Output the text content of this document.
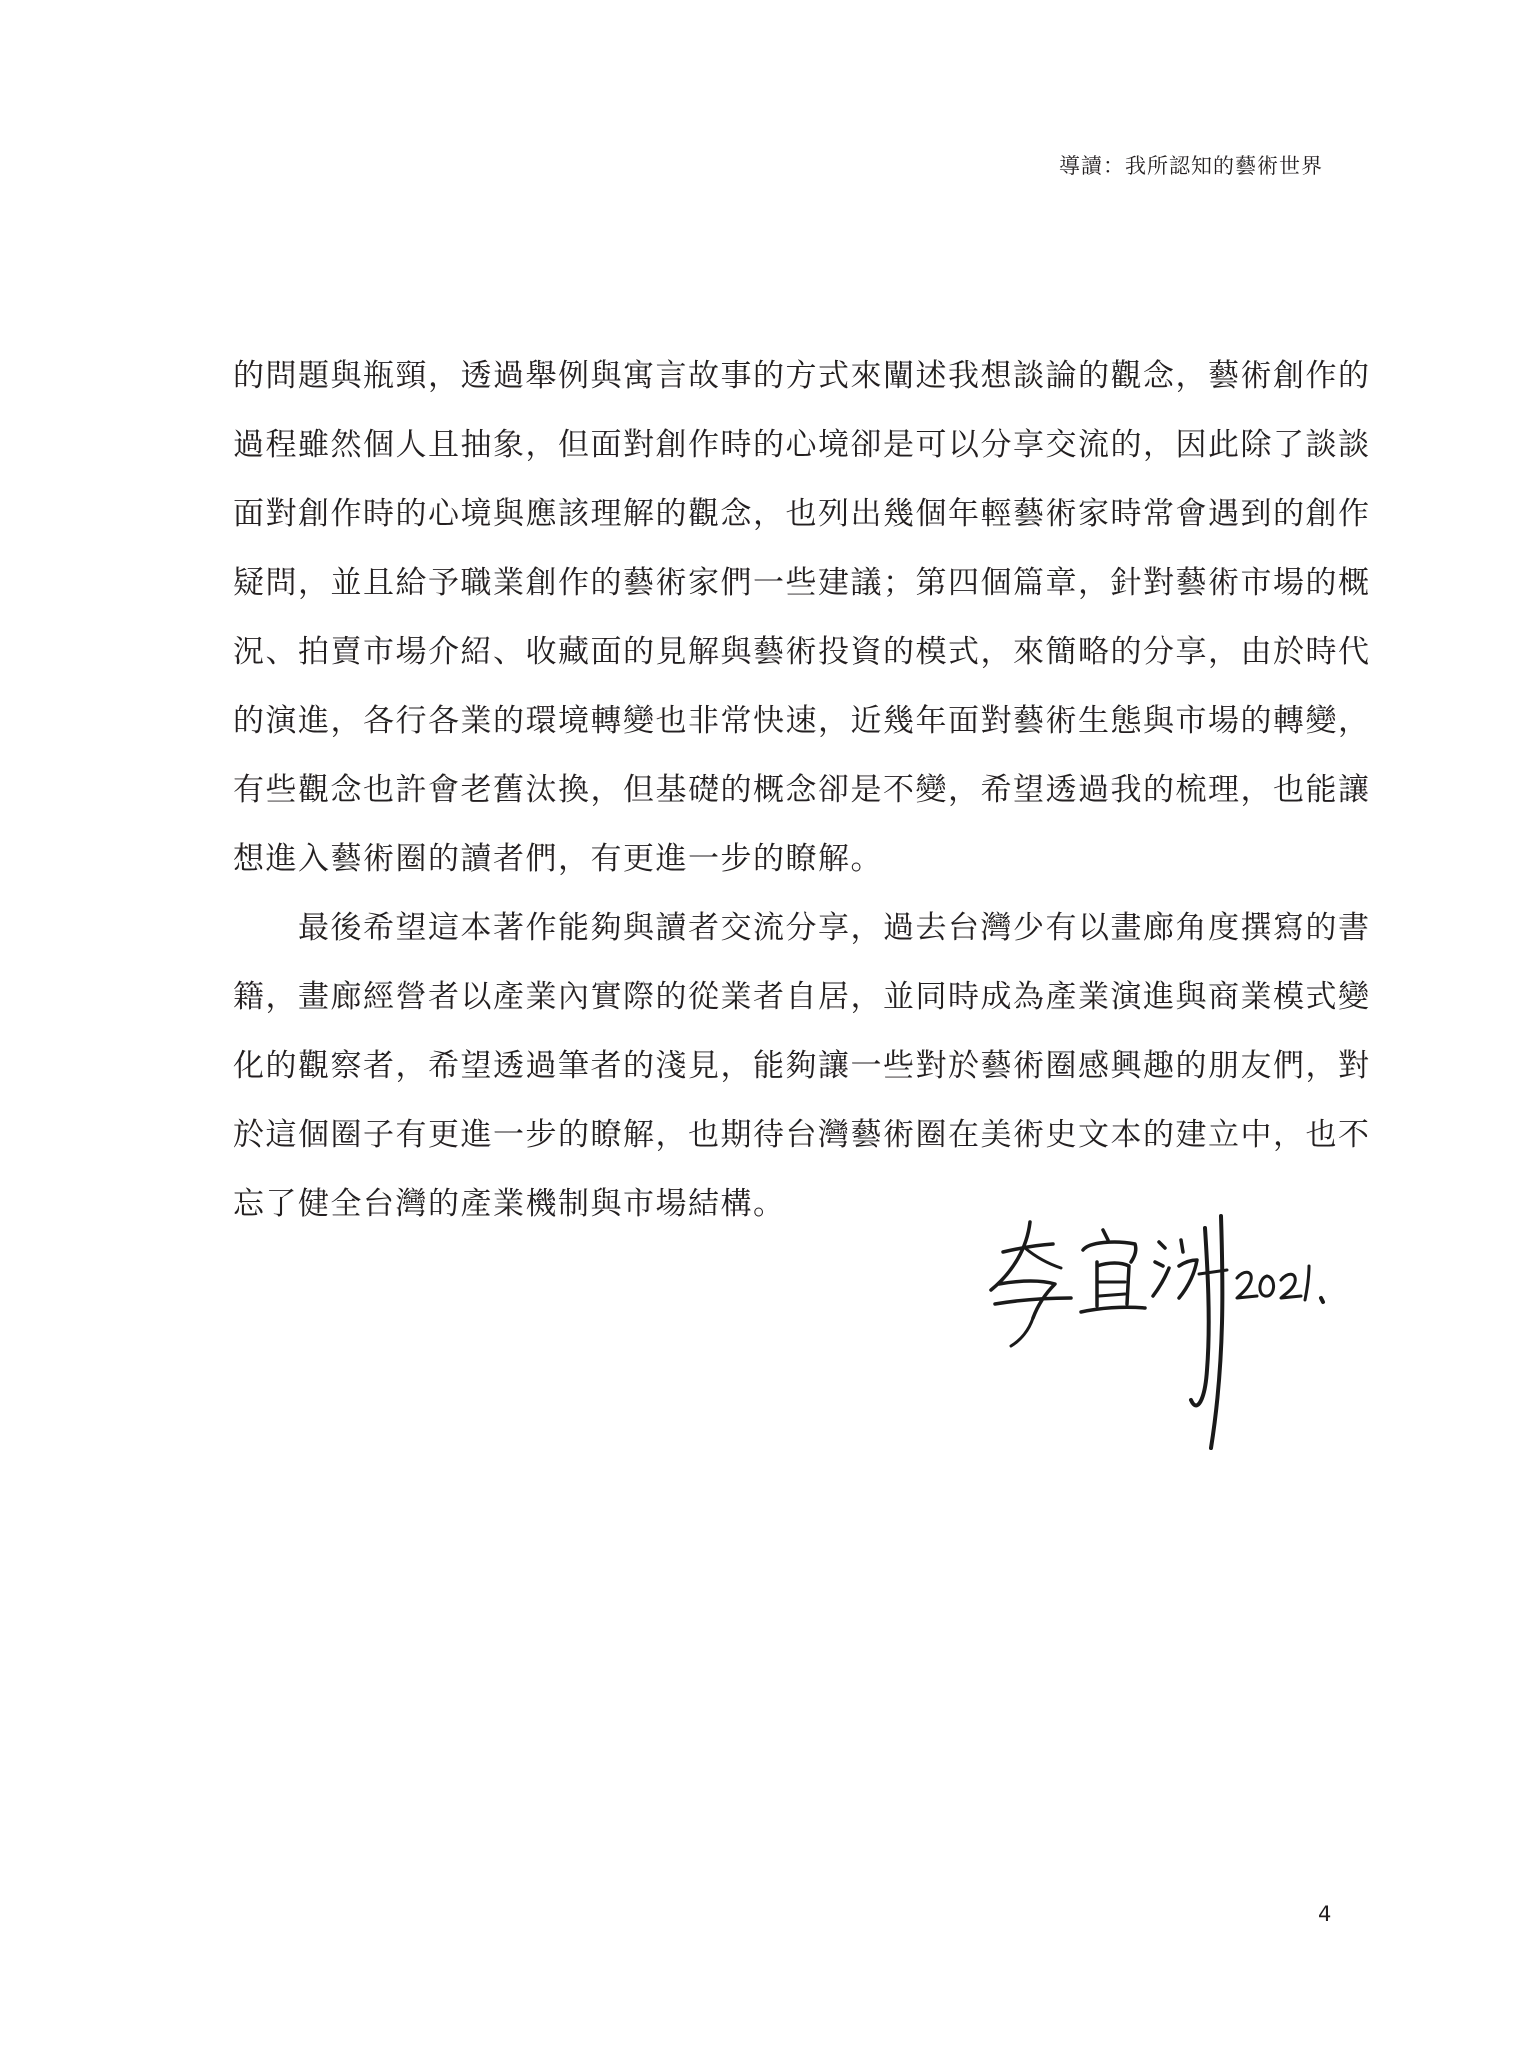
導讀：我所認知的藝術世界
的問題與瓶頸，透過舉例與寓言故事的方式來闡述我想談論的觀念，藝術創作的
過程雖然個人且抽象，但面對創作時的心境卻是可以分享交流的，因此除了談談
面對創作時的心境與應該理解的觀念，也列出幾個年輕藝術家時常會遇到的創作
疑問，並且給予職業創作的藝術家們一些建議；第四個篇章，針對藝術市場的概
況、拍賣市場介紹、收藏面的見解與藝術投資的模式，來簡略的分享，由於時代
的演進，各行各業的環境轉變也非常快速，近幾年面對藝術生態與市場的轉變，
有些觀念也許會老舊汰換，但基礎的概念卻是不變，希望透過我的梳理，也能讓
想進入藝術圈的讀者們，有更進一步的瞭解。
　　最後希望這本著作能夠與讀者交流分享，過去台灣少有以畫廊角度撰寫的書
籍，畫廊經營者以產業內實際的從業者自居，並同時成為產業演進與商業模式變
化的觀察者，希望透過筆者的淺見，能夠讓一些對於藝術圈感興趣的朋友們，對
於這個圈子有更進一步的瞭解，也期待台灣藝術圈在美術史文本的建立中，也不
忘了健全台灣的產業機制與市場結構。
4
